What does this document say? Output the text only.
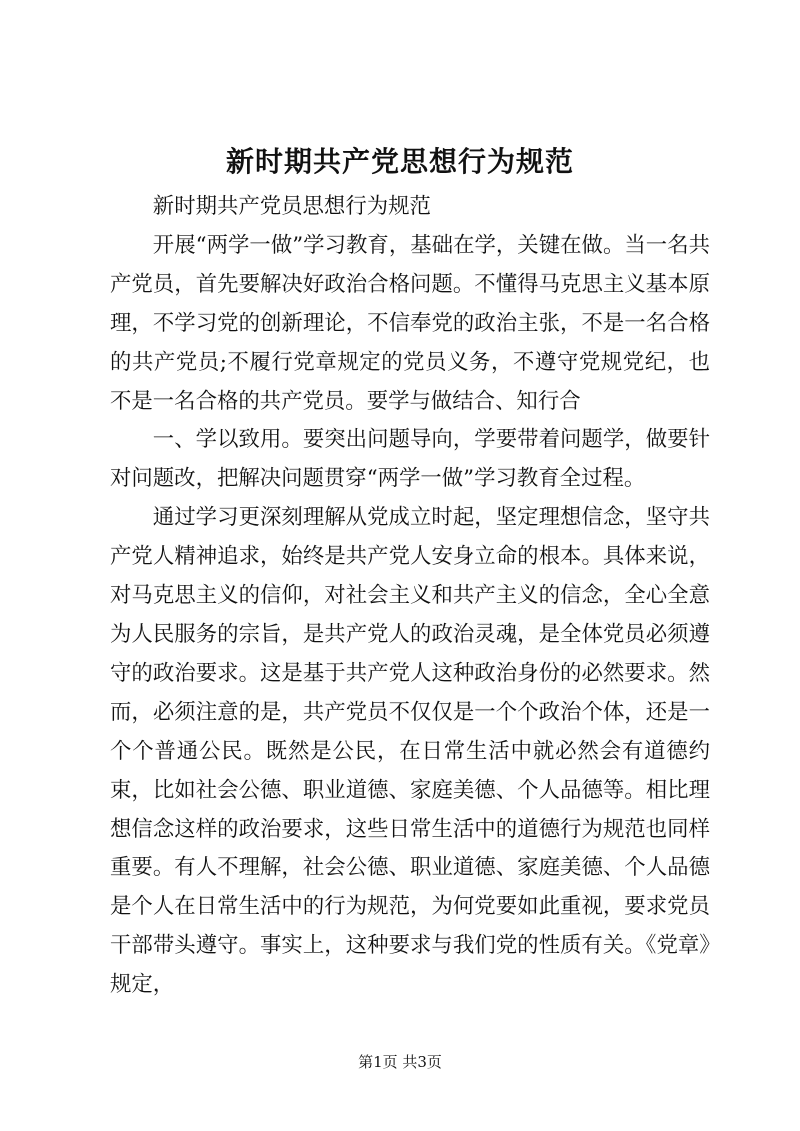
新时期共产党思想行为规范

新时期共产党员思想行为规范

开展“两学一做”学习教育，基础在学，关键在做。当一名共产党员，首先要解决好政治合格问题。不懂得马克思主义基本原理，不学习党的创新理论，不信奉党的政治主张，不是一名合格的共产党员;不履行党章规定的党员义务，不遵守党规党纪，也不是一名合格的共产党员。要学与做结合、知行合

一、学以致用。要突出问题导向，学要带着问题学，做要针对问题改，把解决问题贯穿“两学一做”学习教育全过程。

通过学习更深刻理解从党成立时起，坚定理想信念，坚守共产党人精神追求，始终是共产党人安身立命的根本。具体来说，对马克思主义的信仰，对社会主义和共产主义的信念，全心全意为人民服务的宗旨，是共产党人的政治灵魂，是全体党员必须遵守的政治要求。这是基于共产党人这种政治身份的必然要求。然而，必须注意的是，共产党员不仅仅是一个个政治个体，还是一个个普通公民。既然是公民，在日常生活中就必然会有道德约束，比如社会公德、职业道德、家庭美德、个人品德等。相比理想信念这样的政治要求，这些日常生活中的道德行为规范也同样重要。有人不理解，社会公德、职业道德、家庭美德、个人品德是个人在日常生活中的行为规范，为何党要如此重视，要求党员干部带头遵守。事实上，这种要求与我们党的性质有关。《党章》规定，

第1页 共3页
